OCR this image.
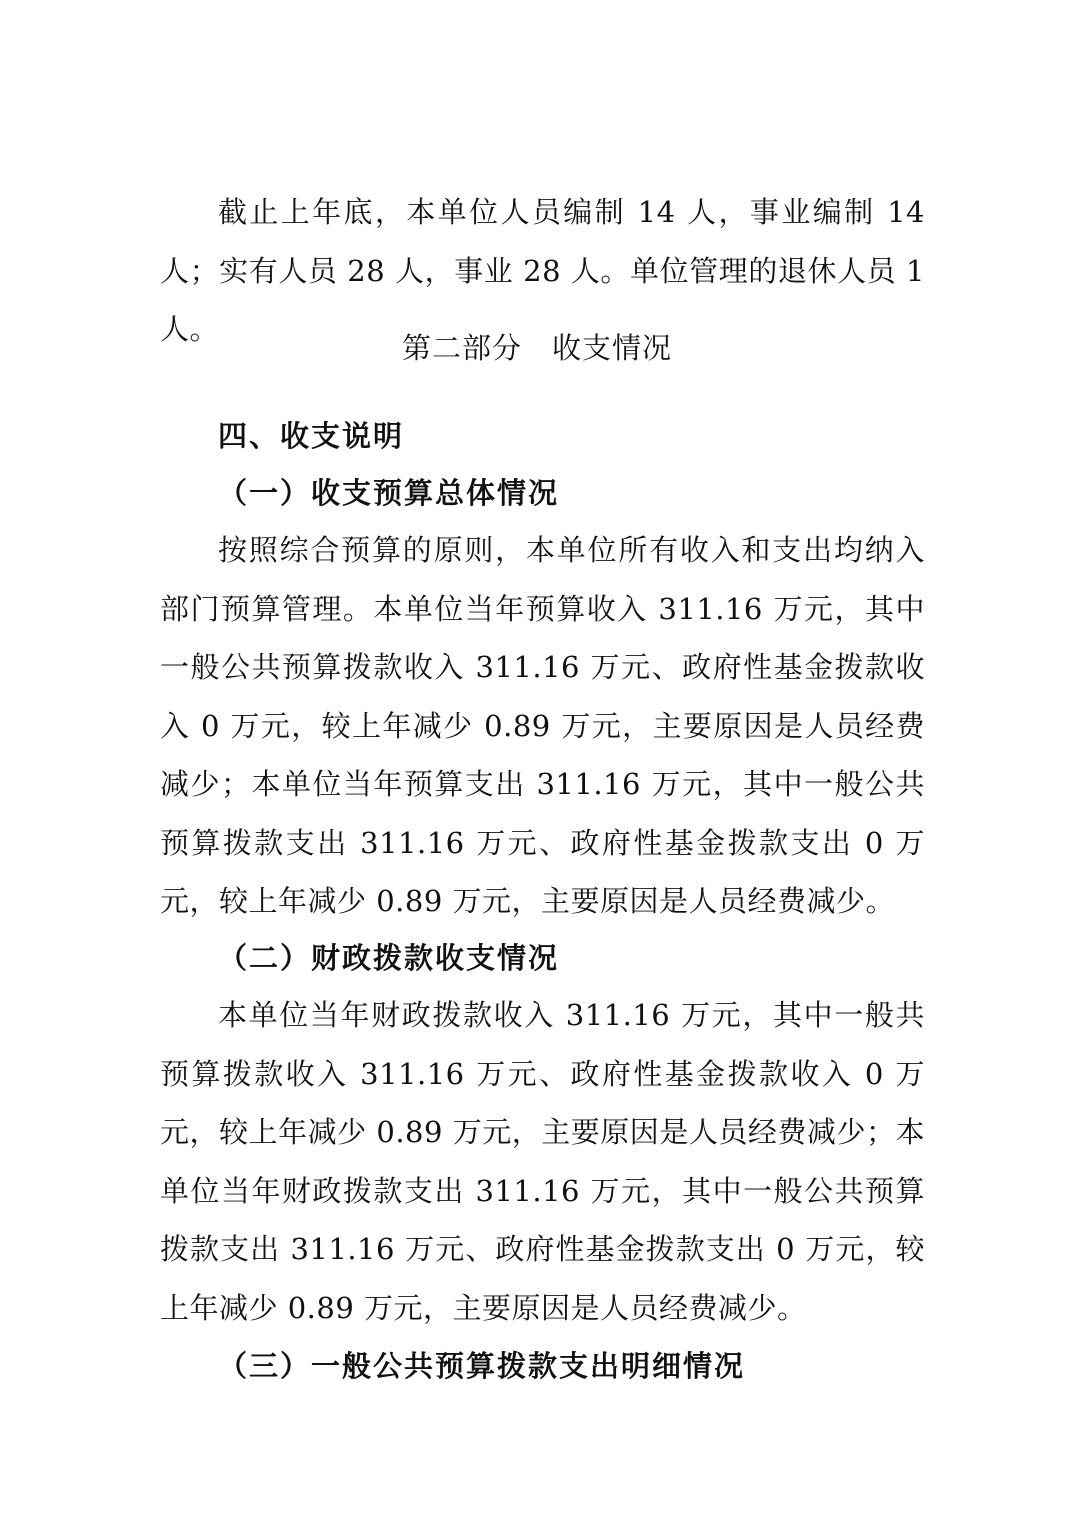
截止上年底，本单位人员编制 14 人，事业编制 14 人；实有人员 28 人，事业 28 人。单位管理的退休人员 1 人。

第二部分　收支情况
四、收支说明
（一）收支预算总体情况

按照综合预算的原则，本单位所有收入和支出均纳入部门预算管理。本单位当年预算收入 311.16 万元，其中一般公共预算拨款收入 311.16 万元、政府性基金拨款收入 0 万元，较上年减少 0.89 万元，主要原因是人员经费减少；本单位当年预算支出 311.16 万元，其中一般公共预算拨款支出 311.16 万元、政府性基金拨款支出 0 万元，较上年减少 0.89 万元，主要原因是人员经费减少。

（二）财政拨款收支情况

本单位当年财政拨款收入 311.16 万元，其中一般共预算拨款收入 311.16 万元、政府性基金拨款收入 0 万元，较上年减少 0.89 万元，主要原因是人员经费减少；本单位当年财政拨款支出 311.16 万元，其中一般公共预算拨款支出 311.16 万元、政府性基金拨款支出 0 万元，较上年减少 0.89 万元，主要原因是人员经费减少。

（三）一般公共预算拨款支出明细情况
